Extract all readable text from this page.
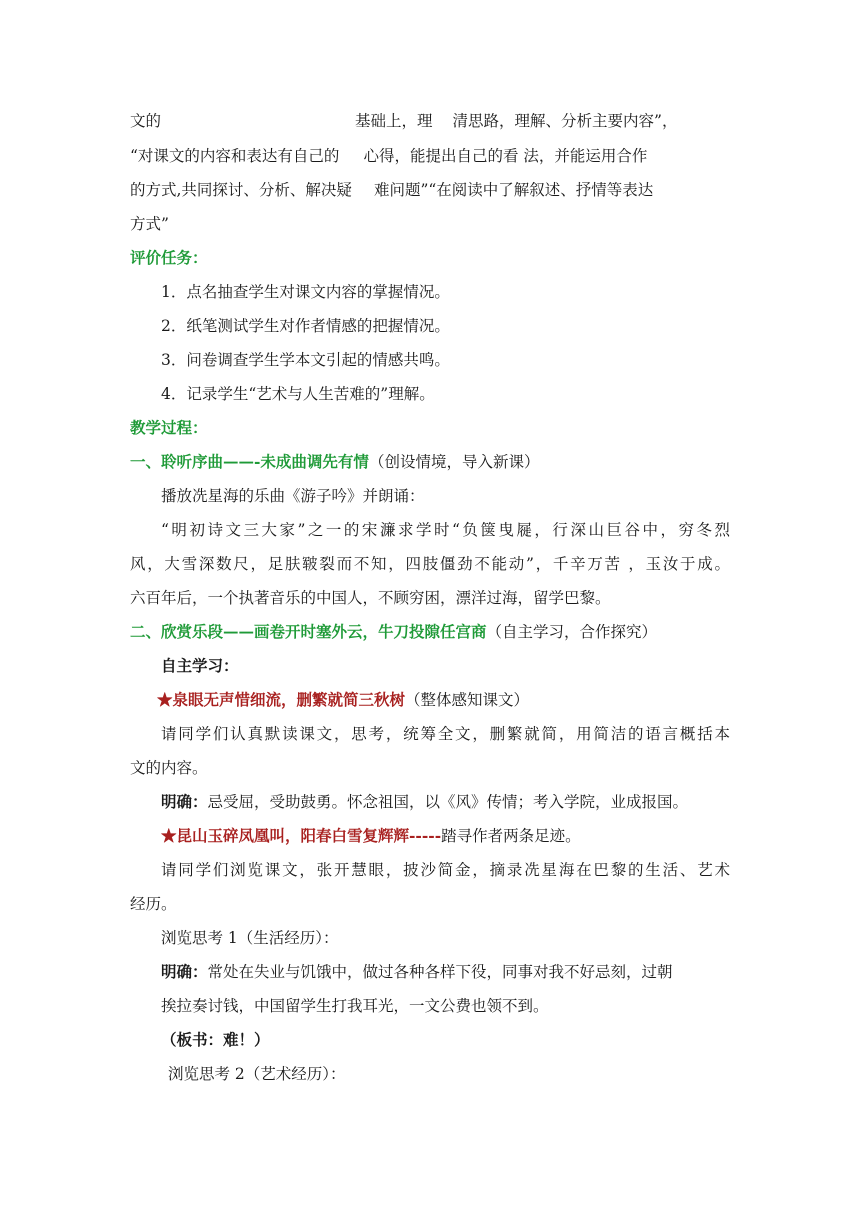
文的	基础上，理 清思路，理解、分析主要内容”，
“对课文的内容和表达有自己的 心得，能提出自己的看 法，并能运用合作
的方式,共同探讨、分析、解决疑 难问题”“在阅读中了解叙述、抒情等表达
方式”
评价任务：
1．点名抽查学生对课文内容的掌握情况。
2．纸笔测试学生对作者情感的把握情况。
3．问卷调查学生学本文引起的情感共鸣。
4．记录学生“艺术与人生苦难的”理解。
教学过程：
一、聆听序曲——-未成曲调先有情（创设情境，导入新课）
播放冼星海的乐曲《游子吟》并朗诵：
“明初诗文三大家”之一的宋濂求学时“负箧曳屣，行深山巨谷中，穷冬烈
风，大雪深数尺，足肤皲裂而不知，四肢僵劲不能动”，千辛万苦 ，玉汝于成。
六百年后，一个执著音乐的中国人，不顾穷困，漂洋过海，留学巴黎。
二、欣赏乐段——画卷开时塞外云，牛刀投隙任宫商（自主学习，合作探究）
自主学习：
★泉眼无声惜细流，删繁就简三秋树（整体感知课文）
请同学们认真默读课文，思考，统筹全文，删繁就简，用简洁的语言概括本
文的内容。
明确：忌受屈，受助鼓勇。怀念祖国，以《风》传情；考入学院，业成报国。
★昆山玉碎凤凰叫，阳春白雪复辉辉-----踏寻作者两条足迹。
请同学们浏览课文，张开慧眼，披沙简金，摘录冼星海在巴黎的生活、艺术
经历。
浏览思考 1（生活经历）：
明确：常处在失业与饥饿中，做过各种各样下役，同事对我不好忌刻，过朝
挨拉奏讨钱，中国留学生打我耳光，一文公费也领不到。
（板书：难！）
浏览思考 2（艺术经历）：
